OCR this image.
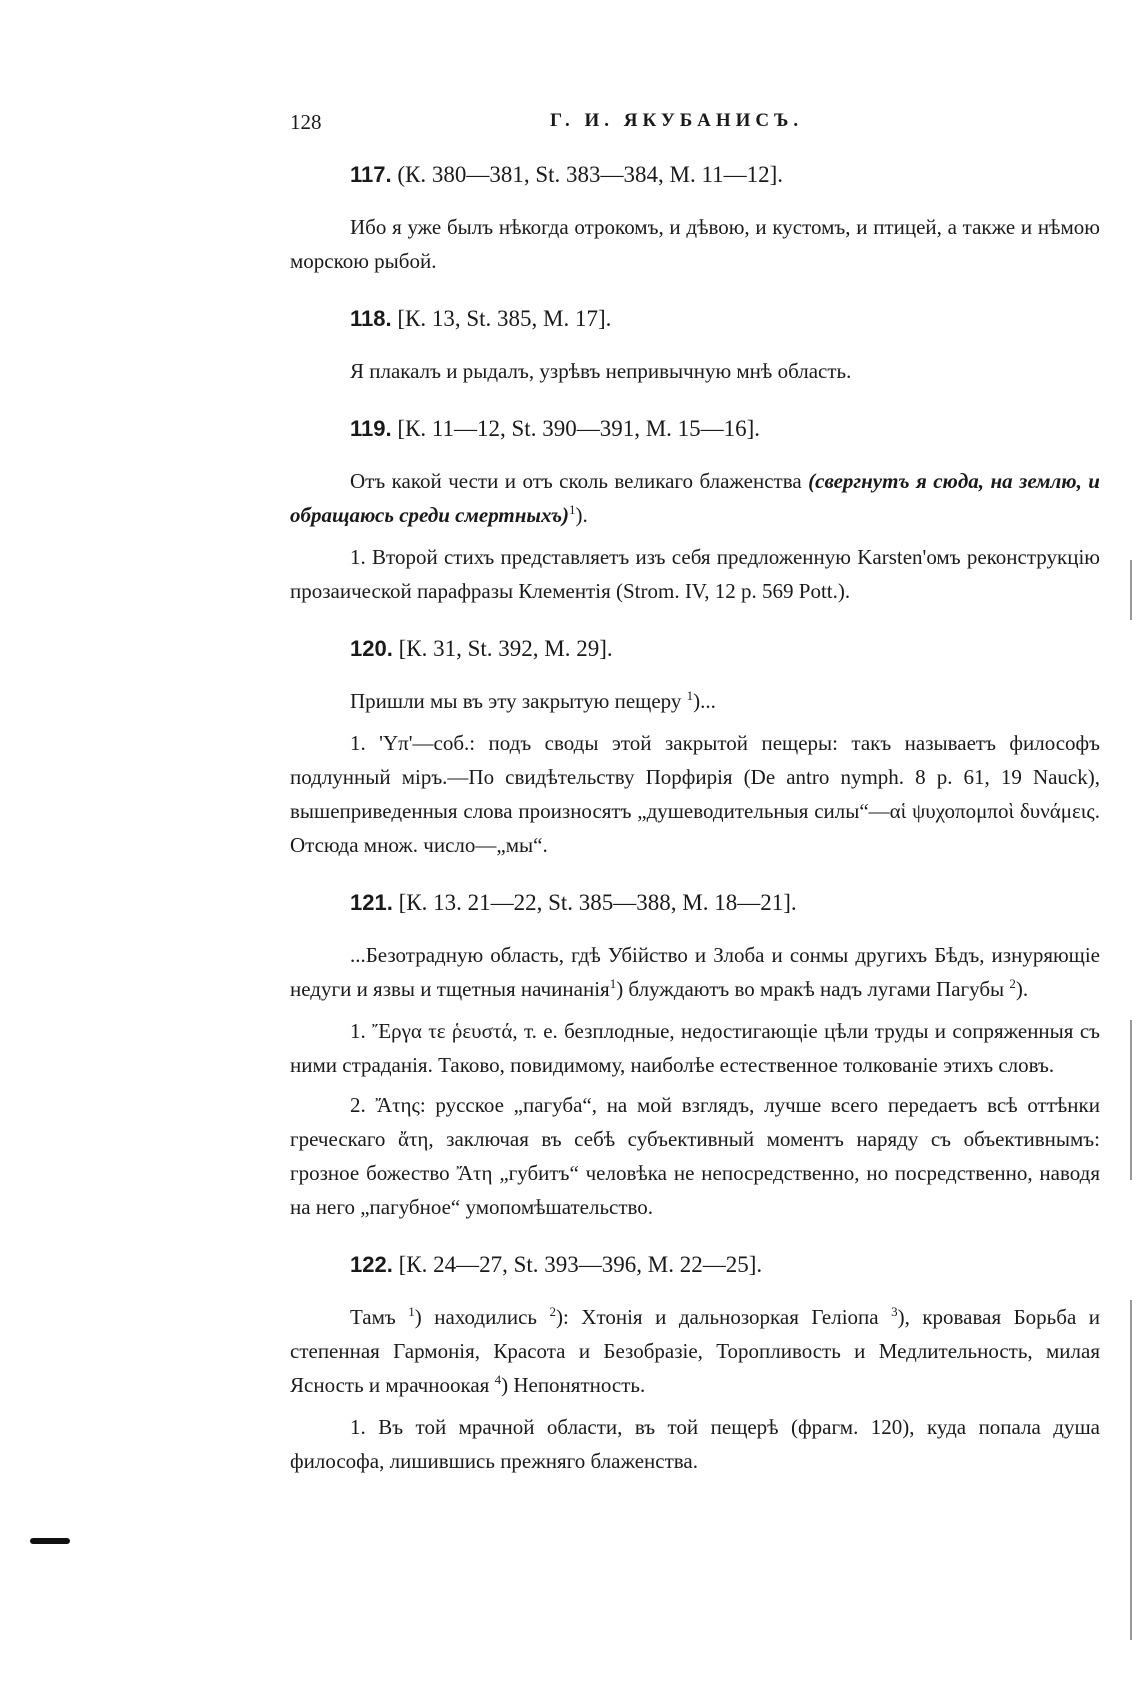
128	Г. И. ЯКУБАНИСЪ.

117. (К. 380—381, St. 383—384, М. 11—12].

Ибо я уже былъ нѣкогда отрокомъ, и дѣвою, и кустомъ, и птицей, а также и нѣмою морскою рыбой.

118. [К. 13, St. 385, М. 17].

Я плакалъ и рыдалъ, узрѣвъ непривычную мнѣ область.

119. [К. 11—12, St. 390—391, М. 15—16].

Отъ какой чести и отъ сколь великаго блаженства (свергнутъ я сюда, на землю, и обращаюсь среди смертныхъ)$^1$).

1. Второй стихъ представляетъ изъ себя предложенную Karsten'омъ реконструкцію прозаической парафразы Клементія (Strom. IV, 12 p. 569 Pott.).

120. [К. 31, St. 392, М. 29].

Пришли мы въ эту закрытую пещеру $^1$)...

1. 'Υπ'—соб.: подъ своды этой закрытой пещеры: такъ называетъ философъ подлунный міръ.—По свидѣтельству Порфирія (De antro nymph. 8 p. 61, 19 Nauck), вышеприведенныя слова произносятъ „душеводительныя силы“—αἱ ψυχοπομποὶ δυνάμεις. Отсюда множ. число—„мы“.

121. [К. 13. 21—22, St. 385—388, М. 18—21].

...Безотрадную область, гдѣ Убійство и Злоба и сонмы другихъ Бѣдъ, изнуряющіе недуги и язвы и тщетныя начинанія$^1$) блуждаютъ во мракѣ надъ лугами Пагубы $^2$).

1. Ἔργα τε ῥευστά, т. е. безплодные, недостигающіе цѣли труды и сопряженныя съ ними страданія. Таково, повидимому, наиболѣе естественное толкованіе этихъ словъ.

2. Ἄτης: русское „пагуба“, на мой взглядъ, лучше всего передаетъ всѣ оттѣнки греческаго ἄτη, заключая въ себѣ субъективный моментъ наряду съ объективнымъ: грозное божество Ἄτη „губитъ“ человѣка не непосредственно, но посредственно, наводя на него „пагубное“ умопомѣшательство.

122. [К. 24—27, St. 393—396, М. 22—25].

Тамъ $^1$) находились $^2$): Хтонія и дальнозоркая Геліопа $^3$), кровавая Борьба и степенная Гармонія, Красота и Безобразіе, Торопливость и Медлительность, милая Ясность и мрачноокая $^4$) Непонятность.

1. Въ той мрачной области, въ той пещерѣ (фрагм. 120), куда попала душа философа, лишившись прежняго блаженства.
